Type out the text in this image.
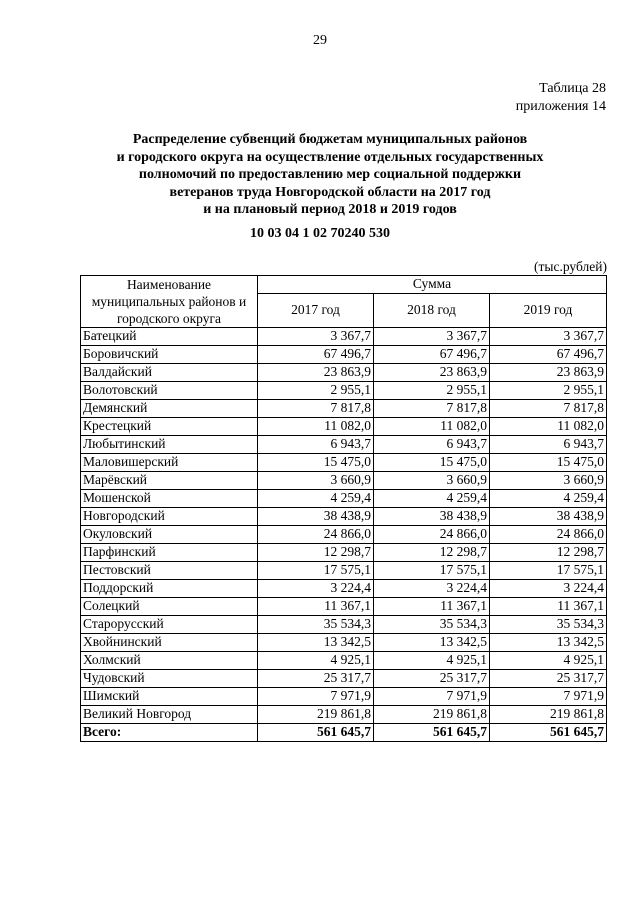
29
Таблица 28
приложения 14
Распределение субвенций бюджетам муниципальных районов
и городского округа на осуществление отдельных государственных
полномочий по предоставлению мер социальной поддержки
ветеранов труда Новгородской области на 2017 год
и на плановый период 2018 и 2019 годов
10 03 04 1 02 70240 530
(тыс.рублей)
Наименование муниципальных районов и городского округа	Сумма		
	2017 год	2018 год	2019 год
Батецкий	3 367,7	3 367,7	3 367,7
Боровичский	67 496,7	67 496,7	67 496,7
Валдайский	23 863,9	23 863,9	23 863,9
Волотовский	2 955,1	2 955,1	2 955,1
Демянский	7 817,8	7 817,8	7 817,8
Крестецкий	11 082,0	11 082,0	11 082,0
Любытинский	6 943,7	6 943,7	6 943,7
Маловишерский	15 475,0	15 475,0	15 475,0
Марёвский	3 660,9	3 660,9	3 660,9
Мошенской	4 259,4	4 259,4	4 259,4
Новгородский	38 438,9	38 438,9	38 438,9
Окуловский	24 866,0	24 866,0	24 866,0
Парфинский	12 298,7	12 298,7	12 298,7
Пестовский	17 575,1	17 575,1	17 575,1
Поддорский	3 224,4	3 224,4	3 224,4
Солецкий	11 367,1	11 367,1	11 367,1
Старорусский	35 534,3	35 534,3	35 534,3
Хвойнинский	13 342,5	13 342,5	13 342,5
Холмский	4 925,1	4 925,1	4 925,1
Чудовский	25 317,7	25 317,7	25 317,7
Шимский	7 971,9	7 971,9	7 971,9
Великий Новгород	219 861,8	219 861,8	219 861,8
Всего:	561 645,7	561 645,7	561 645,7
